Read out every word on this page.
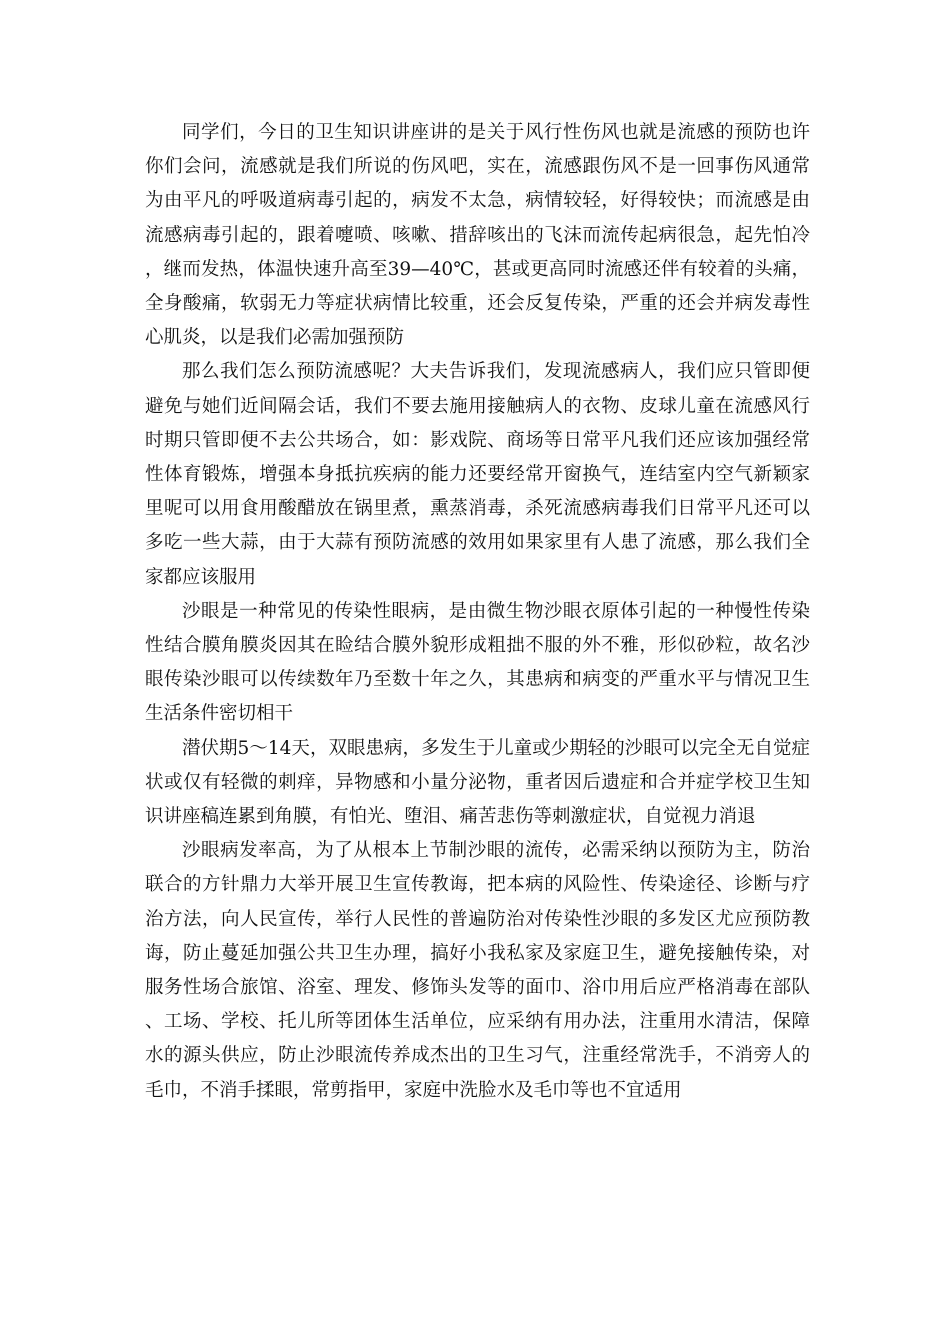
同学们，今日的卫生知识讲座讲的是关于风行性伤风也就是流感的预防也许你们会问，流感就是我们所说的伤风吧，实在，流感跟伤风不是一回事伤风通常为由平凡的呼吸道病毒引起的，病发不太急，病情较轻，好得较快；而流感是由流感病毒引起的，跟着嚏喷、咳嗽、措辞咳出的飞沫而流传起病很急，起先怕冷，继而发热，体温快速升高至39—40℃，甚或更高同时流感还伴有较着的头痛，全身酸痛，软弱无力等症状病情比较重，还会反复传染，严重的还会并病发毒性心肌炎，以是我们必需加强预防

那么我们怎么预防流感呢？大夫告诉我们，发现流感病人，我们应只管即便避免与她们近间隔会话，我们不要去施用接触病人的衣物、皮球儿童在流感风行时期只管即便不去公共场合，如：影戏院、商场等日常平凡我们还应该加强经常性体育锻炼，增强本身抵抗疾病的能力还要经常开窗换气，连结室内空气新颖家里呢可以用食用酸醋放在锅里煮，熏蒸消毒，杀死流感病毒我们日常平凡还可以多吃一些大蒜，由于大蒜有预防流感的效用如果家里有人患了流感，那么我们全家都应该服用

沙眼是一种常见的传染性眼病，是由微生物沙眼衣原体引起的一种慢性传染性结合膜角膜炎因其在睑结合膜外貌形成粗拙不服的外不雅，形似砂粒，故名沙眼传染沙眼可以传续数年乃至数十年之久，其患病和病变的严重水平与情况卫生生活条件密切相干

潜伏期5～14天，双眼患病，多发生于儿童或少期轻的沙眼可以完全无自觉症状或仅有轻微的刺痒，异物感和小量分泌物，重者因后遗症和合并症学校卫生知识讲座稿连累到角膜，有怕光、堕泪、痛苦悲伤等刺激症状，自觉视力消退

沙眼病发率高，为了从根本上节制沙眼的流传，必需采纳以预防为主，防治联合的方针鼎力大举开展卫生宣传教诲，把本病的风险性、传染途径、诊断与疗治方法，向人民宣传，举行人民性的普遍防治对传染性沙眼的多发区尤应预防教诲，防止蔓延加强公共卫生办理，搞好小我私家及家庭卫生，避免接触传染，对服务性场合旅馆、浴室、理发、修饰头发等的面巾、浴巾用后应严格消毒在部队、工场、学校、托儿所等团体生活单位，应采纳有用办法，注重用水清洁，保障水的源头供应，防止沙眼流传养成杰出的卫生习气，注重经常洗手，不消旁人的毛巾，不消手揉眼，常剪指甲，家庭中洗脸水及毛巾等也不宜适用
